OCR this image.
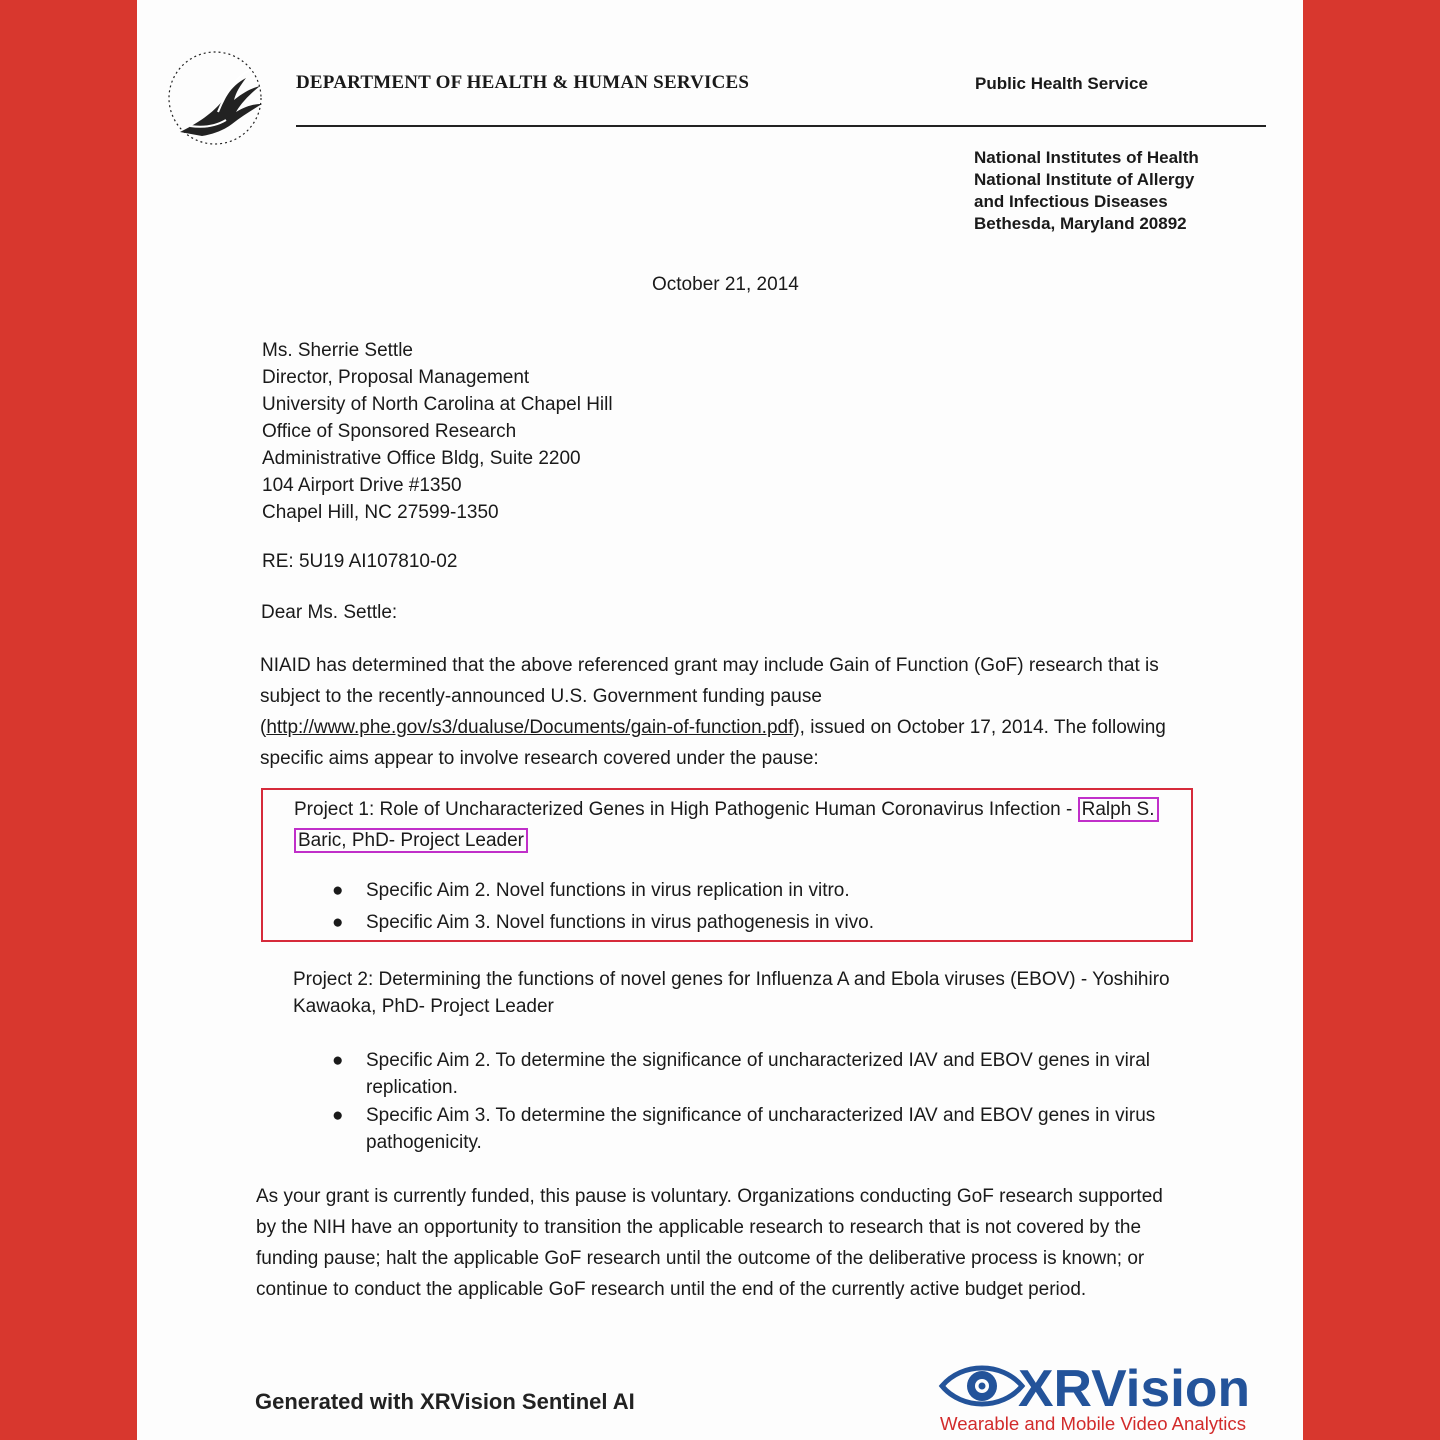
DEPARTMENT OF HEALTH & HUMAN SERVICES	Public Health Service
National Institutes of Health
National Institute of Allergy
and Infectious Diseases
Bethesda, Maryland 20892
October 21, 2014
Ms. Sherrie Settle
Director, Proposal Management
University of North Carolina at Chapel Hill
Office of Sponsored Research
Administrative Office Bldg, Suite 2200
104 Airport Drive #1350
Chapel Hill, NC 27599-1350
RE: 5U19 AI107810-02
Dear Ms. Settle:
NIAID has determined that the above referenced grant may include Gain of Function (GoF) research that is subject to the recently-announced U.S. Government funding pause (http://www.phe.gov/s3/dualuse/Documents/gain-of-function.pdf), issued on October 17, 2014. The following specific aims appear to involve research covered under the pause:
Project 1: Role of Uncharacterized Genes in High Pathogenic Human Coronavirus Infection - Ralph S.
Baric, PhD- Project Leader
● Specific Aim 2. Novel functions in virus replication in vitro.
● Specific Aim 3. Novel functions in virus pathogenesis in vivo.
Project 2: Determining the functions of novel genes for Influenza A and Ebola viruses (EBOV) - Yoshihiro Kawaoka, PhD- Project Leader
● Specific Aim 2. To determine the significance of uncharacterized IAV and EBOV genes in viral replication.
● Specific Aim 3. To determine the significance of uncharacterized IAV and EBOV genes in virus pathogenicity.
As your grant is currently funded, this pause is voluntary. Organizations conducting GoF research supported by the NIH have an opportunity to transition the applicable research to research that is not covered by the funding pause; halt the applicable GoF research until the outcome of the deliberative process is known; or continue to conduct the applicable GoF research until the end of the currently active budget period.
Generated with XRVision Sentinel AI	XRVision
Wearable and Mobile Video Analytics
